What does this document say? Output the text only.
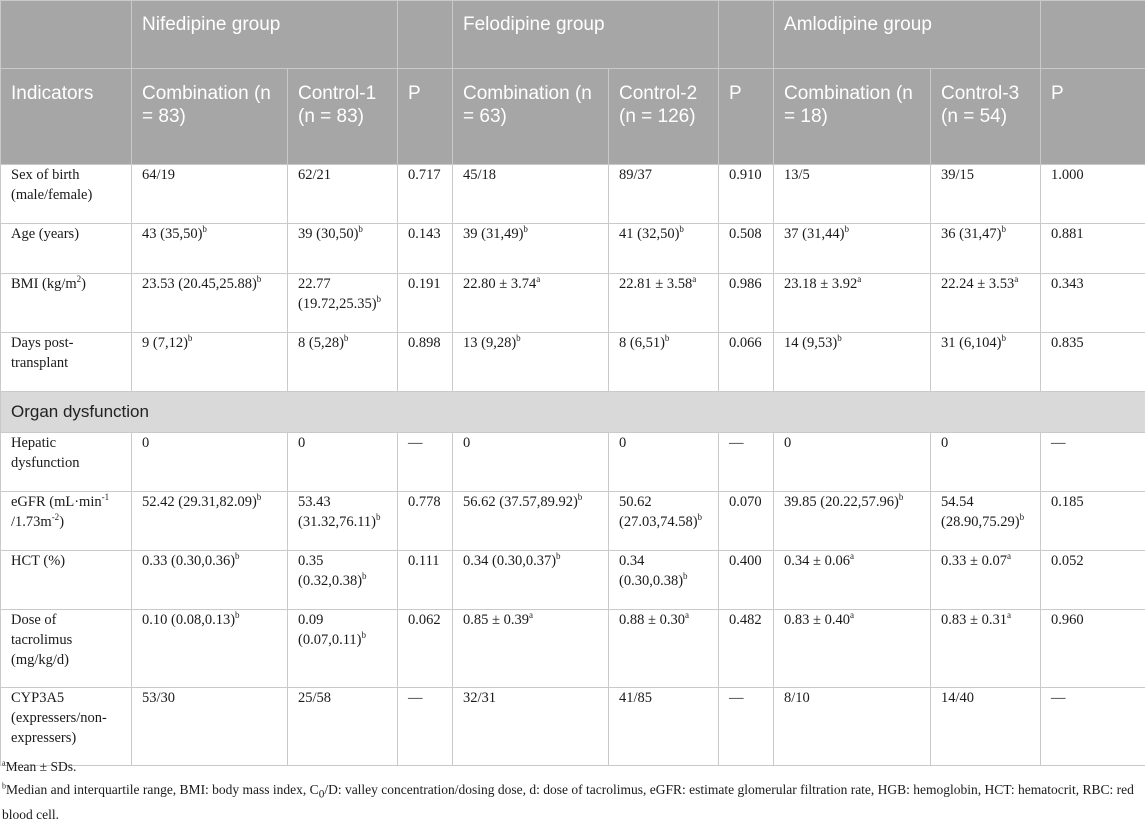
	Nifedipine group			Felodipine group			Amlodipine group		
Indicators	Combination (n = 83)	Control-1 (n = 83)	P	Combination (n = 63)	Control-2 (n = 126)	P	Combination (n = 18)	Control-3 (n = 54)	P
Sex of birth (male/female)	64/19	62/21	0.717	45/18	89/37	0.910	13/5	39/15	1.000
Age (years)	43 $(35,50)^b$	39 $(30,50)^b$	0.143	39 $(31,49)^b$	41 $(32,50)^b$	0.508	37 $(31,44)^b$	36 $(31,47)^b$	0.881
BMI $(kg/m^2)$	23.53 $(20.45,25.88)^b$	22.77 $(19.72,25.35)^b$	0.191	22.80 ± 3.74$^a$	22.81 ± 3.58$^a$	0.986	23.18 ± 3.92$^a$	22.24 ± 3.53$^a$	0.343
Days post-transplant	9 $(7,12)^b$	8 $(5,28)^b$	0.898	13 $(9,28)^b$	8 $(6,51)^b$	0.066	14 $(9,53)^b$	31 $(6,104)^b$	0.835
Organ dysfunction									
Hepatic dysfunction	0	0	—	0	0	—	0	0	—
eGFR ($mL\cdot\min^{-1}$ $/1.73m^{-2}$)	52.42 $(29.31,82.09)^b$	53.43 $(31.32,76.11)^b$	0.778	56.62 $(37.57,89.92)^b$	50.62 $(27.03,74.58)^b$	0.070	39.85 $(20.22,57.96)^b$	54.54 $(28.90,75.29)^b$	0.185
HCT (%)	0.33 $(0.30,0.36)^b$	0.35 $(0.32,0.38)^b$	0.111	0.34 $(0.30,0.37)^b$	0.34 $(0.30,0.38)^b$	0.400	0.34 ± 0.06$^a$	0.33 ± 0.07$^a$	0.052
Dose of tacrolimus (mg/kg/d)	0.10 $(0.08,0.13)^b$	0.09 $(0.07,0.11)^b$	0.062	0.85 ± 0.39$^a$	0.88 ± 0.30$^a$	0.482	0.83 ± 0.40$^a$	0.83 ± 0.31$^a$	0.960
CYP3A5 (expressers/non-expressers)	53/30	25/58	—	32/31	41/85	—	8/10	14/40	—
$^a$Mean ± SDs.
$^b$Median and interquartile range, BMI: body mass index, $C_0/D$: valley concentration/dosing dose, d: dose of tacrolimus, eGFR: estimate glomerular filtration rate, HGB: hemoglobin, HCT: hematocrit, RBC: red blood cell.
